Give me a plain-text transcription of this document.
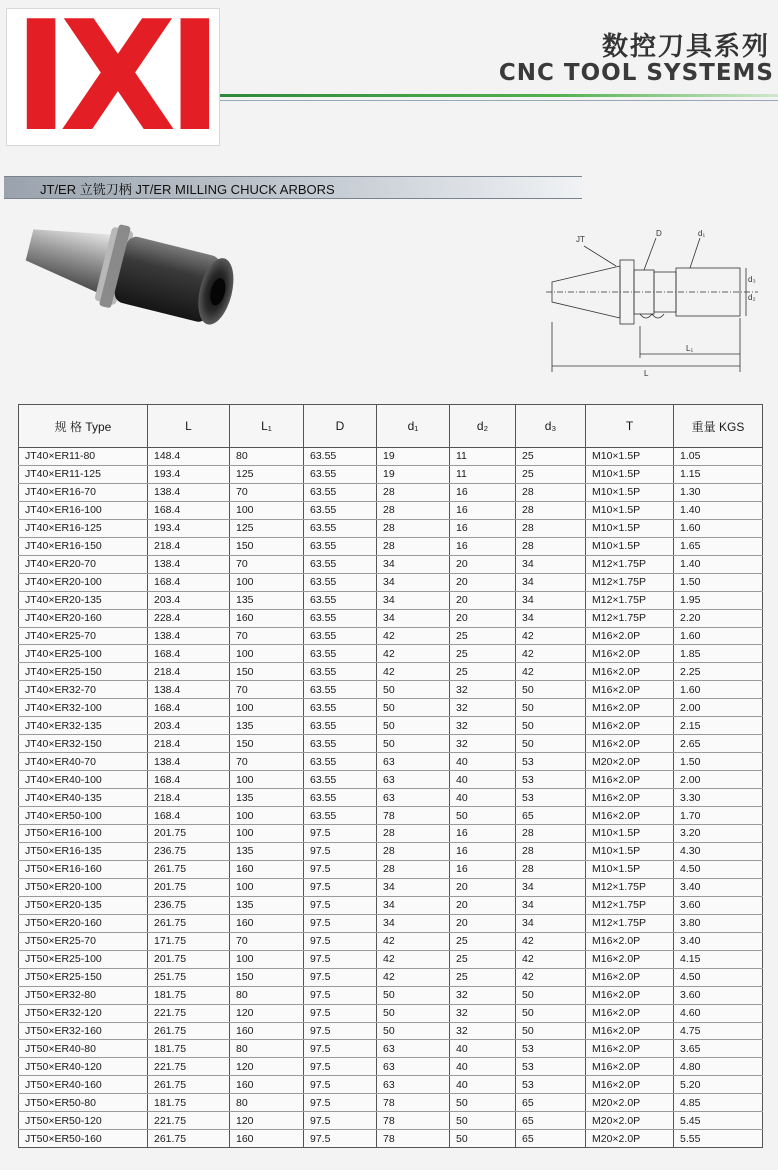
IXI	数控刀具系列
CNC TOOL SYSTEMS
JT/ER 立铣刀柄 JT/ER MILLING CHUCK ARBORS
JT
D	d₁
d₃
d₂
L₁
L
规 格 Type	L	L₁	D	d₁	d₂	d₃	T	重量 KGS
JT40×ER11-80	148.4	80	63.55	19	11	25	M10×1.5P	1.05
JT40×ER11-125	193.4	125	63.55	19	11	25	M10×1.5P	1.15
JT40×ER16-70	138.4	70	63.55	28	16	28	M10×1.5P	1.30
JT40×ER16-100	168.4	100	63.55	28	16	28	M10×1.5P	1.40
JT40×ER16-125	193.4	125	63.55	28	16	28	M10×1.5P	1.60
JT40×ER16-150	218.4	150	63.55	28	16	28	M10×1.5P	1.65
JT40×ER20-70	138.4	70	63.55	34	20	34	M12×1.75P	1.40
JT40×ER20-100	168.4	100	63.55	34	20	34	M12×1.75P	1.50
JT40×ER20-135	203.4	135	63.55	34	20	34	M12×1.75P	1.95
JT40×ER20-160	228.4	160	63.55	34	20	34	M12×1.75P	2.20
JT40×ER25-70	138.4	70	63.55	42	25	42	M16×2.0P	1.60
JT40×ER25-100	168.4	100	63.55	42	25	42	M16×2.0P	1.85
JT40×ER25-150	218.4	150	63.55	42	25	42	M16×2.0P	2.25
JT40×ER32-70	138.4	70	63.55	50	32	50	M16×2.0P	1.60
JT40×ER32-100	168.4	100	63.55	50	32	50	M16×2.0P	2.00
JT40×ER32-135	203.4	135	63.55	50	32	50	M16×2.0P	2.15
JT40×ER32-150	218.4	150	63.55	50	32	50	M16×2.0P	2.65
JT40×ER40-70	138.4	70	63.55	63	40	53	M20×2.0P	1.50
JT40×ER40-100	168.4	100	63.55	63	40	53	M16×2.0P	2.00
JT40×ER40-135	218.4	135	63.55	63	40	53	M16×2.0P	3.30
JT40×ER50-100	168.4	100	63.55	78	50	65	M16×2.0P	1.70
JT50×ER16-100	201.75	100	97.5	28	16	28	M10×1.5P	3.20
JT50×ER16-135	236.75	135	97.5	28	16	28	M10×1.5P	4.30
JT50×ER16-160	261.75	160	97.5	28	16	28	M10×1.5P	4.50
JT50×ER20-100	201.75	100	97.5	34	20	34	M12×1.75P	3.40
JT50×ER20-135	236.75	135	97.5	34	20	34	M12×1.75P	3.60
JT50×ER20-160	261.75	160	97.5	34	20	34	M12×1.75P	3.80
JT50×ER25-70	171.75	70	97.5	42	25	42	M16×2.0P	3.40
JT50×ER25-100	201.75	100	97.5	42	25	42	M16×2.0P	4.15
JT50×ER25-150	251.75	150	97.5	42	25	42	M16×2.0P	4.50
JT50×ER32-80	181.75	80	97.5	50	32	50	M16×2.0P	3.60
JT50×ER32-120	221.75	120	97.5	50	32	50	M16×2.0P	4.60
JT50×ER32-160	261.75	160	97.5	50	32	50	M16×2.0P	4.75
JT50×ER40-80	181.75	80	97.5	63	40	53	M16×2.0P	3.65
JT50×ER40-120	221.75	120	97.5	63	40	53	M16×2.0P	4.80
JT50×ER40-160	261.75	160	97.5	63	40	53	M16×2.0P	5.20
JT50×ER50-80	181.75	80	97.5	78	50	65	M20×2.0P	4.85
JT50×ER50-120	221.75	120	97.5	78	50	65	M20×2.0P	5.45
JT50×ER50-160	261.75	160	97.5	78	50	65	M20×2.0P	5.55
